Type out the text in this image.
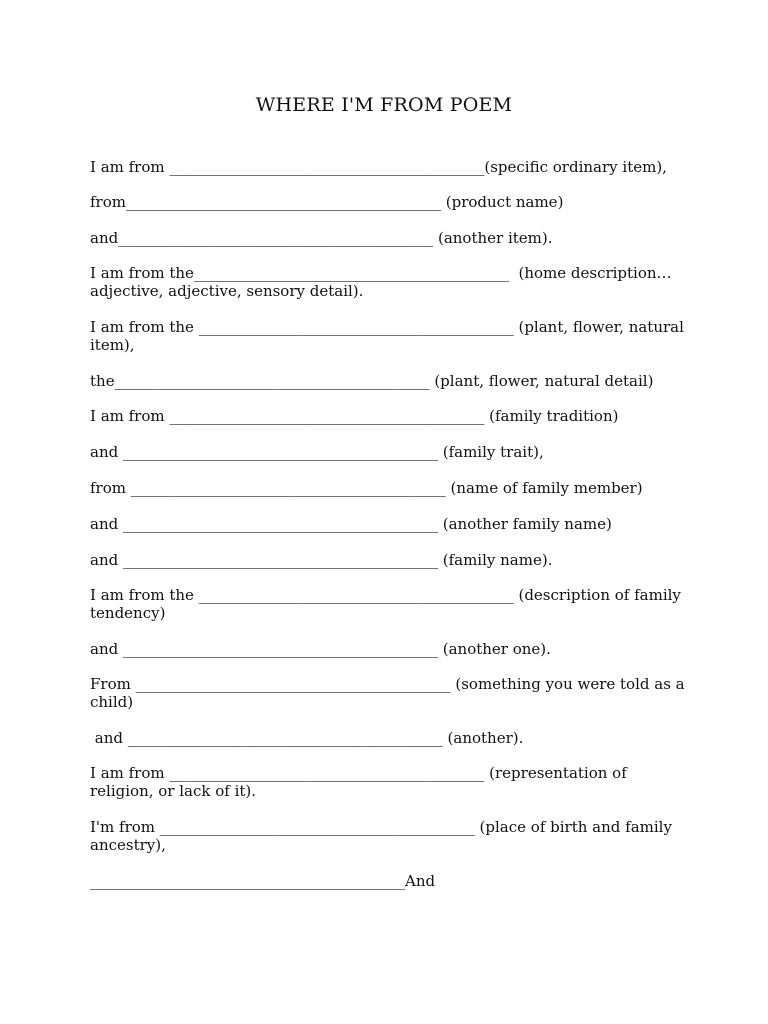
WHERE I'M FROM POEM
I am from __________________________________________(specific ordinary item),
from__________________________________________ (product name)
and__________________________________________ (another item).
I am from the__________________________________________  (home description… adjective, adjective, sensory detail).
I am from the __________________________________________ (plant, flower, natural item),
the__________________________________________ (plant, flower, natural detail)
I am from __________________________________________ (family tradition)
and __________________________________________ (family trait),
from __________________________________________ (name of family member)
and __________________________________________ (another family name)
and __________________________________________ (family name).
I am from the __________________________________________ (description of family tendency)
and __________________________________________ (another one).
From __________________________________________ (something you were told as a child)
and __________________________________________ (another).
I am from __________________________________________ (representation of religion, or lack of it).
I'm from __________________________________________ (place of birth and family ancestry),
__________________________________________And
